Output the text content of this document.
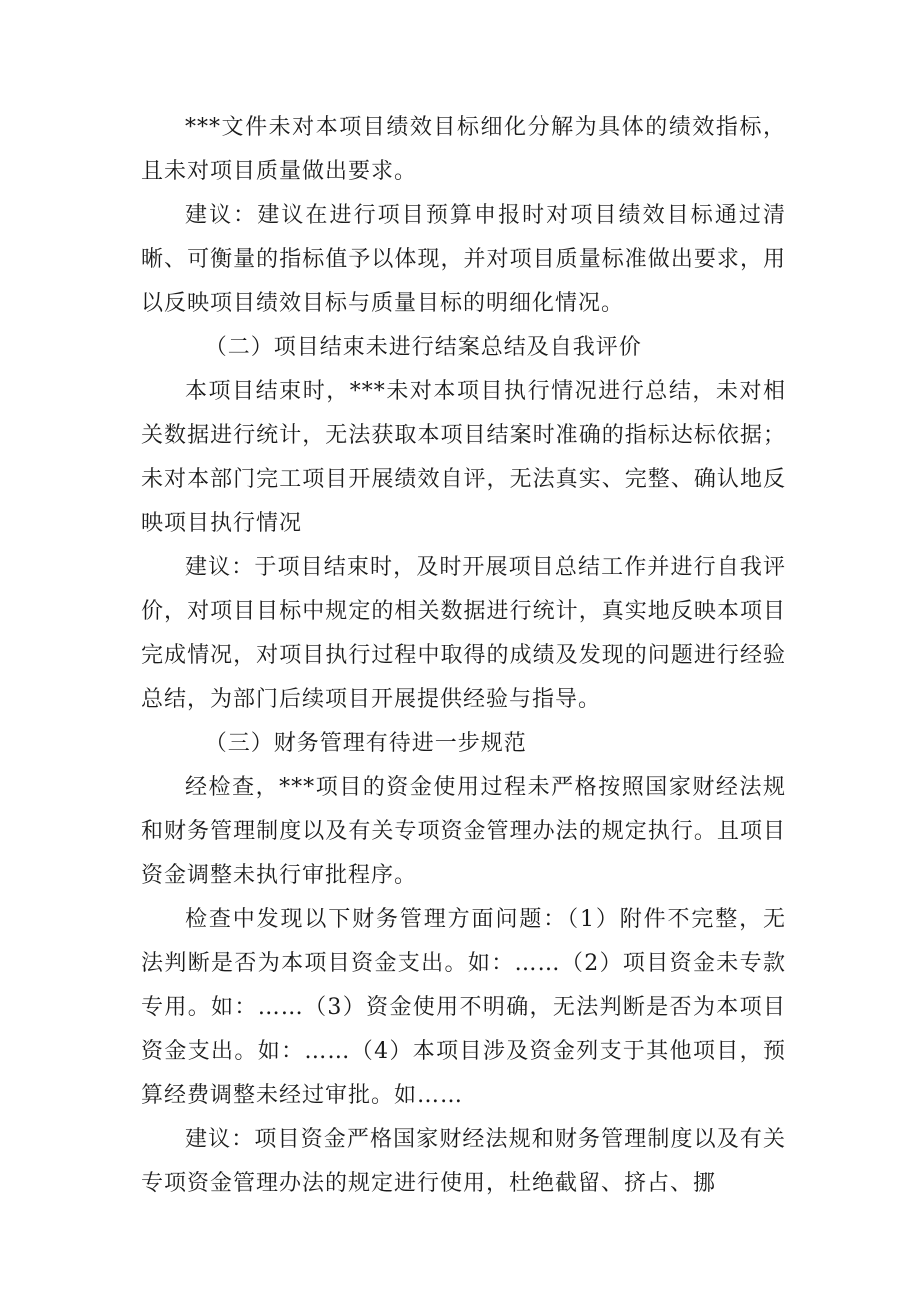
***文件未对本项目绩效目标细化分解为具体的绩效指标，且未对项目质量做出要求。

建议：建议在进行项目预算申报时对项目绩效目标通过清晰、可衡量的指标值予以体现，并对项目质量标准做出要求，用以反映项目绩效目标与质量目标的明细化情况。

（二）项目结束未进行结案总结及自我评价

本项目结束时，***未对本项目执行情况进行总结，未对相关数据进行统计，无法获取本项目结案时准确的指标达标依据；未对本部门完工项目开展绩效自评，无法真实、完整、确认地反映项目执行情况

建议：于项目结束时，及时开展项目总结工作并进行自我评价，对项目目标中规定的相关数据进行统计，真实地反映本项目完成情况，对项目执行过程中取得的成绩及发现的问题进行经验总结，为部门后续项目开展提供经验与指导。

（三）财务管理有待进一步规范

经检查，***项目的资金使用过程未严格按照国家财经法规和财务管理制度以及有关专项资金管理办法的规定执行。且项目资金调整未执行审批程序。

检查中发现以下财务管理方面问题：（1）附件不完整，无法判断是否为本项目资金支出。如：……（2）项目资金未专款专用。如：……（3）资金使用不明确，无法判断是否为本项目资金支出。如：……（4）本项目涉及资金列支于其他项目，预算经费调整未经过审批。如……

建议：项目资金严格国家财经法规和财务管理制度以及有关专项资金管理办法的规定进行使用，杜绝截留、挤占、挪
